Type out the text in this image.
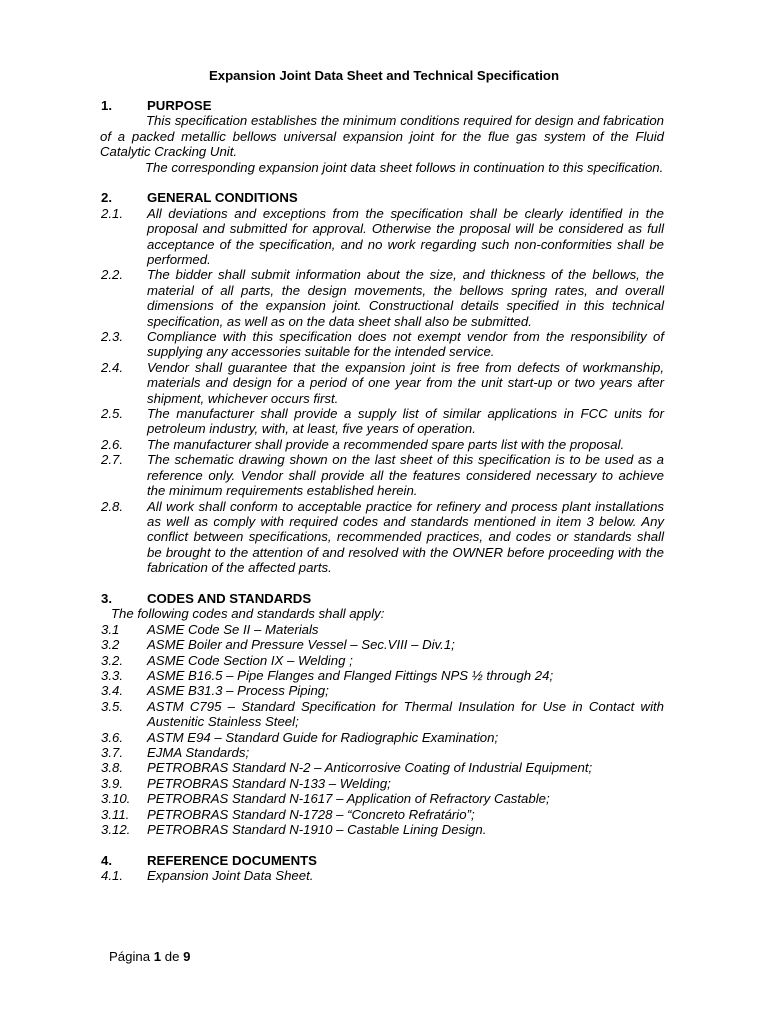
Expansion Joint Data Sheet and Technical Specification
1.	PURPOSE

This specification establishes the minimum conditions required for design and fabrication of a packed metallic bellows universal expansion joint for the flue gas system of the Fluid Catalytic Cracking Unit.

The corresponding expansion joint data sheet follows in continuation to this specification.

2.	GENERAL CONDITIONS
2.1. All deviations and exceptions from the specification shall be clearly identified in the proposal and submitted for approval. Otherwise the proposal will be considered as full acceptance of the specification, and no work regarding such non-conformities shall be performed.
2.2. The bidder shall submit information about the size, and thickness of the bellows, the material of all parts, the design movements, the bellows spring rates, and overall dimensions of the expansion joint. Constructional details specified in this technical specification, as well as on the data sheet shall also be submitted.
2.3. Compliance with this specification does not exempt vendor from the responsibility of supplying any accessories suitable for the intended service.
2.4. Vendor shall guarantee that the expansion joint is free from defects of workmanship, materials and design for a period of one year from the unit start-up or two years after shipment, whichever occurs first.
2.5. The manufacturer shall provide a supply list of similar applications in FCC units for petroleum industry, with, at least, five years of operation.
2.6. The manufacturer shall provide a recommended spare parts list with the proposal.
2.7. The schematic drawing shown on the last sheet of this specification is to be used as a reference only. Vendor shall provide all the features considered necessary to achieve the minimum requirements established herein.
2.8. All work shall conform to acceptable practice for refinery and process plant installations as well as comply with required codes and standards mentioned in item 3 below. Any conflict between specifications, recommended practices, and codes or standards shall be brought to the attention of and resolved with the OWNER before proceeding with the fabrication of the affected parts.
3.	CODES AND STANDARDS

The following codes and standards shall apply:

3.1 ASME Code Se II – Materials
3.2 ASME Boiler and Pressure Vessel – Sec.VIII – Div.1;
3.2. ASME Code Section IX – Welding ;
3.3. ASME B16.5 – Pipe Flanges and Flanged Fittings NPS ½ through 24;
3.4. ASME B31.3 – Process Piping;
3.5. ASTM C795 – Standard Specification for Thermal Insulation for Use in Contact with Austenitic Stainless Steel;
3.6. ASTM E94 – Standard Guide for Radiographic Examination;
3.7. EJMA Standards;
3.8. PETROBRAS Standard N-2 – Anticorrosive Coating of Industrial Equipment;
3.9. PETROBRAS Standard N-133 – Welding;
3.10. PETROBRAS Standard N-1617 – Application of Refractory Castable;
3.11. PETROBRAS Standard N-1728 – “Concreto Refratário”;
3.12. PETROBRAS Standard N-1910 – Castable Lining Design.
4.	REFERENCE DOCUMENTS
4.1. Expansion Joint Data Sheet.
Página 1 de 9
